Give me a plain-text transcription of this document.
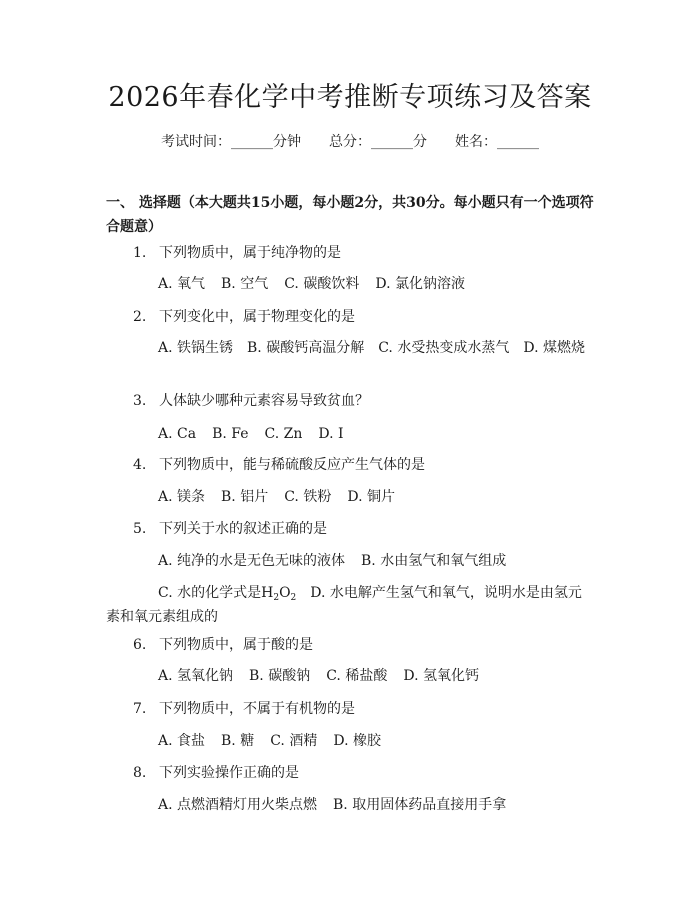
2026年春化学中考推断专项练习及答案
考试时间：______分钟 总分：______分 姓名：______
一、 选择题（本大题共15小题，每小题2分，共30分。每小题只有一个选项符合题意）
1. 下列物质中，属于纯净物的是
A. 氧气 B. 空气 C. 碳酸饮料 D. 氯化钠溶液
2. 下列变化中，属于物理变化的是
A. 铁锅生锈 B. 碳酸钙高温分解 C. 水受热变成水蒸气 D. 煤燃烧
3. 人体缺少哪种元素容易导致贫血？
A. Ca B. Fe C. Zn D. I
4. 下列物质中，能与稀硫酸反应产生气体的是
A. 镁条 B. 铝片 C. 铁粉 D. 铜片
5. 下列关于水的叙述正确的是
A. 纯净的水是无色无味的液体 B. 水由氢气和氧气组成
C. 水的化学式是$H_2O_2$ D. 水电解产生氢气和氧气，说明水是由氢元素和氧元素组成的
6. 下列物质中，属于酸的是
A. 氢氧化钠 B. 碳酸钠 C. 稀盐酸 D. 氢氧化钙
7. 下列物质中，不属于有机物的是
A. 食盐 B. 糖 C. 酒精 D. 橡胶
8. 下列实验操作正确的是
A. 点燃酒精灯用火柴点燃 B. 取用固体药品直接用手拿
